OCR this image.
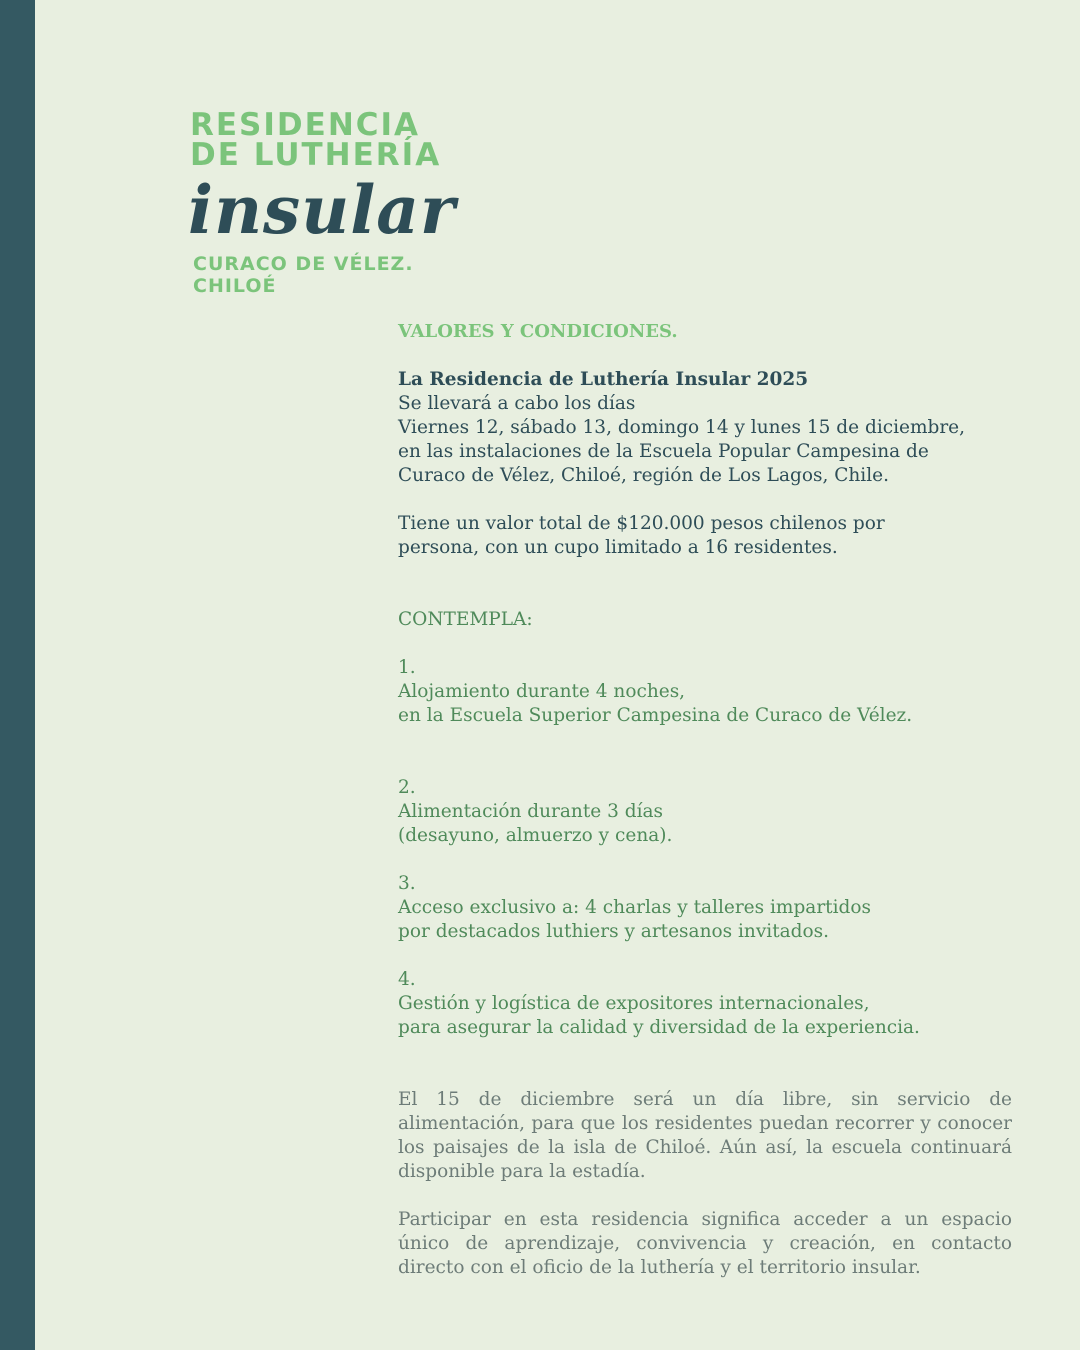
RESIDENCIA
DE LUTHERÍA
insular
CURACO DE VÉLEZ.
CHILOÉ

VALORES Y CONDICIONES.

La Residencia de Luthería Insular 2025
Se llevará a cabo los días
Viernes 12, sábado 13, domingo 14 y lunes 15 de diciembre,
en las instalaciones de la Escuela Popular Campesina de
Curaco de Vélez, Chiloé, región de Los Lagos, Chile.

Tiene un valor total de $120.000 pesos chilenos por
persona, con un cupo limitado a 16 residentes.

CONTEMPLA:

1.
Alojamiento durante 4 noches,
en la Escuela Superior Campesina de Curaco de Vélez.

2.
Alimentación durante 3 días
(desayuno, almuerzo y cena).

3.
Acceso exclusivo a: 4 charlas y talleres impartidos
por destacados luthiers y artesanos invitados.

4.
Gestión y logística de expositores internacionales,
para asegurar la calidad y diversidad de la experiencia.

El 15 de diciembre será un día libre, sin servicio de alimentación, para que los residentes puedan recorrer y conocer los paisajes de la isla de Chiloé. Aún así, la escuela continuará disponible para la estadía.

Participar en esta residencia significa acceder a un espacio único de aprendizaje, convivencia y creación, en contacto directo con el oficio de la luthería y el territorio insular.
